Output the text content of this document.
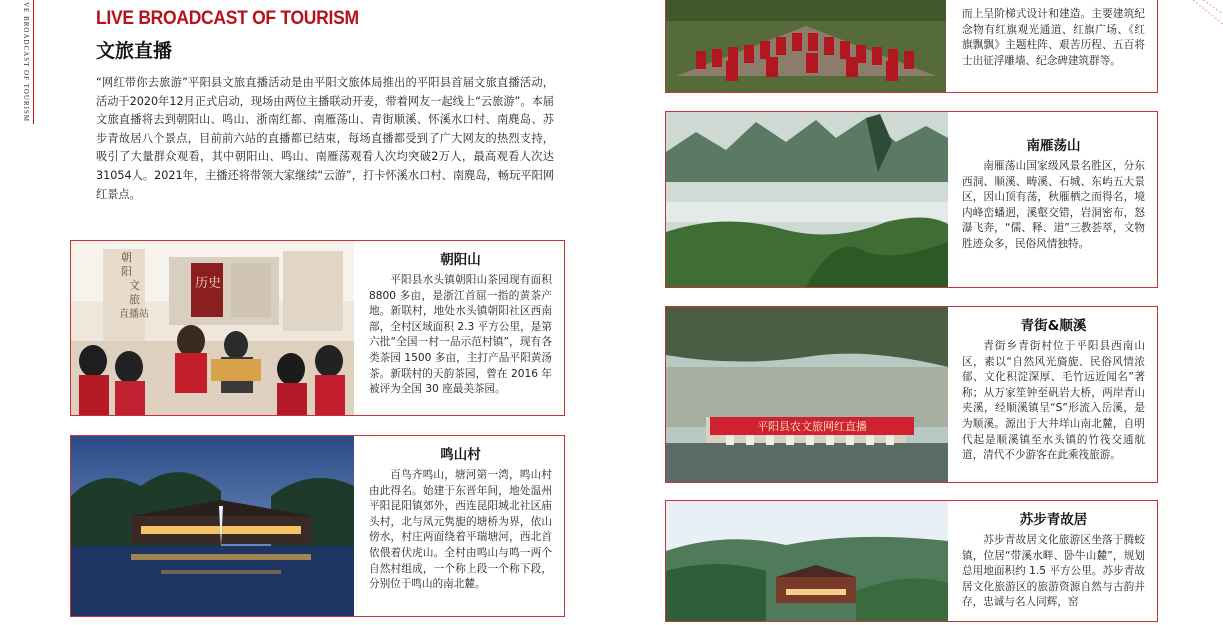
VE BROADCAST OF TOURISM	LIVE BROADCAST OF TOURISM
文旅直播

“网红带你去旅游”平阳县文旅直播活动是由平阳文旅体局推出的平阳县首届文旅直播活动，活动于2020年12月正式启动，现场由两位主播联动开麦，带着网友一起线上“云旅游”。本届文旅直播将去到朝阳山、鸣山、浙南红都、南雁荡山、青街顺溪、怀溪水口村、南麂岛、苏步青故居八个景点，目前前六站的直播都已结束，每场直播都受到了广大网友的热烈支持，吸引了大量群众观看，其中朝阳山、鸣山、南雁荡观看人次均突破2万人，最高观看人次达31054人。2021年，主播还将带领大家继续“云游”，打卡怀溪水口村、南麂岛，畅玩平阳网红景点。

朝
阳
文
旅
直播站
历史
朝阳山

平阳县水头镇朝阳山茶园现有面积 8800 多亩，是浙江首屈一指的黄茶产地。新联村，地处水头镇朝阳社区西南部，全村区域面积 2.3 平方公里，是第六批“全国一村一品示范村镇”，现有各类茶园 1500 多亩，主打产品平阳黄汤茶。新联村的天韵茶园，曾在 2016 年被评为全国 30 座最美茶园。

鸣山村

百鸟齐鸣山，塘河第一湾，鸣山村由此得名。始建于东晋年间，地处温州平阳昆阳镇郊外，西连昆阳城北社区庙头村，北与凤元隽旎的塘桥为界，依山傍水，村庄两面绕着平瑞塘河，西北首依偎着伏虎山。全村由鸣山与鸣一两个自然村组成，一个称上段一个称下段，分别位于鸣山的南北麓。

而上呈阶梯式设计和建造。主要建筑纪念物有红旗观光通道、红旗广场、《红旗飘飘》主题柱阵、艰苦历程、五百将士出征浮雕墙、纪念碑建筑群等。

南雁荡山

南雁荡山国家级风景名胜区，分东西洞、顺溪、畴溪、石城、东屿五大景区，因山顶有荡，秋雁栖之而得名，境内峰峦蟠迥，溪壑交错，岩洞密布，怒瀑飞奔，“儒、释、道”三教荟萃，文物胜迹众多，民俗风情独特。

平阳县农文旅网红直播
青街&顺溪

青街乡青街村位于平阳县西南山区，素以“自然风光旖旎、民俗风情浓郁、文化积淀深厚、毛竹远近闻名”著称；从万家笙钟至矾岩大桥，两岸青山夹溪，经顺溪镇呈“S”形流入岳溪，是为顺溪。源出于大井垟山南北麓，自明代起是顺溪镇至水头镇的竹筏交通航道，清代不少游客在此乘筏旅游。

苏步青故居

苏步青故居文化旅游区坐落于腾蛟镇，位居“带溪水畔、卧牛山麓”，规划总用地面积约 1.5 平方公里。苏步青故居文化旅游区的旅游资源自然与古韵并存，忠诚与名人同辉，窑
